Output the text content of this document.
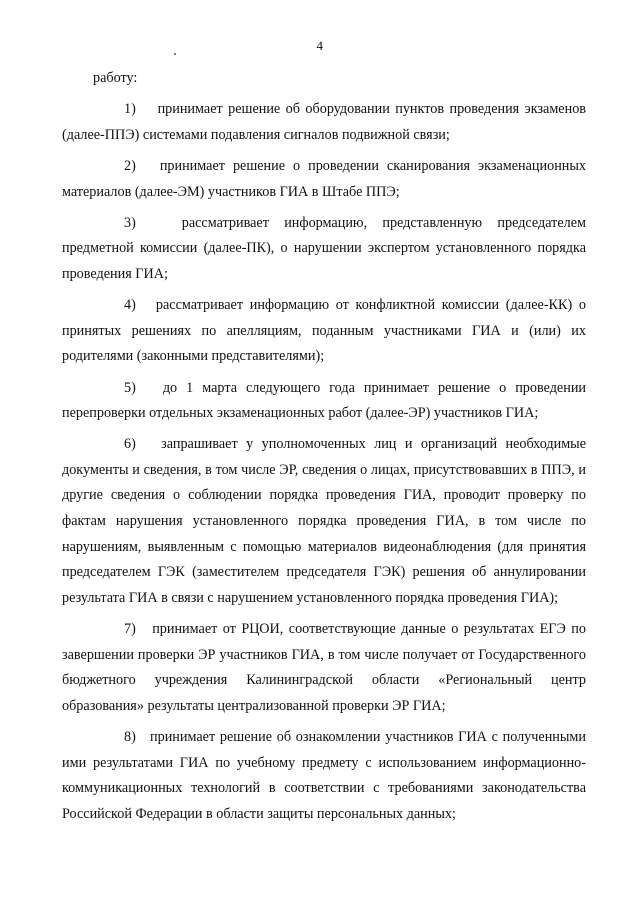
4

работу:

1) принимает решение об оборудовании пунктов проведения экзаменов (далее-ППЭ) системами подавления сигналов подвижной связи;

2) принимает решение о проведении сканирования экзаменационных материалов (далее-ЭМ) участников ГИА в Штабе ППЭ;

3)	рассматривает информацию, представленную председателем предметной комиссии (далее-ПК), о нарушении экспертом установленного порядка проведения ГИА;

4) рассматривает информацию от конфликтной комиссии (далее-КК) о принятых решениях по апелляциям, поданным участниками ГИА и (или) их родителями (законными представителями);

5) до 1 марта следующего года принимает решение о проведении перепроверки отдельных экзаменационных работ (далее-ЭР) участников ГИА;

6) запрашивает у уполномоченных лиц и организаций необходимые документы и сведения, в том числе ЭР, сведения о лицах, присутствовавших в ППЭ, и другие сведения о соблюдении порядка проведения ГИА, проводит проверку по фактам нарушения установленного порядка проведения ГИА, в том числе по нарушениям, выявленным с помощью материалов видеонаблюдения (для принятия председателем ГЭК (заместителем председателя ГЭК) решения об аннулировании результата ГИА в связи с нарушением установленного порядка проведения ГИА);

7) принимает от РЦОИ, соответствующие данные о результатах ЕГЭ по завершении проверки ЭР участников ГИА, в том числе получает от Государственного бюджетного учреждения Калининградской области «Региональный центр образования» результаты централизованной проверки ЭР ГИА;

8) принимает решение об ознакомлении участников ГИА с полученными ими результатами ГИА по учебному предмету с использованием информационно-коммуникационных технологий в соответствии с требованиями законодательства Российской Федерации в области защиты персональных данных;
